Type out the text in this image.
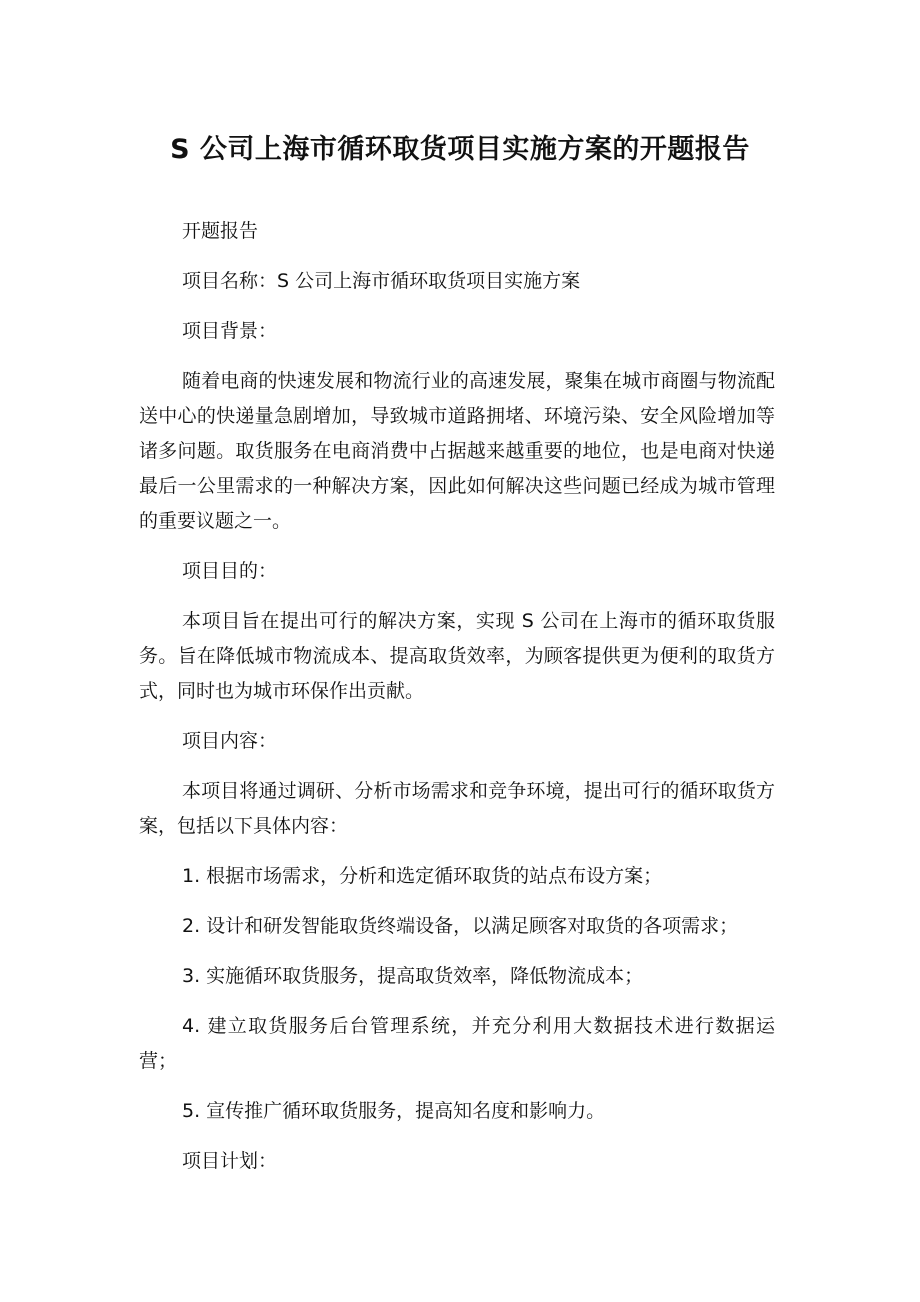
S 公司上海市循环取货项目实施方案的开题报告

开题报告

项目名称：S 公司上海市循环取货项目实施方案

项目背景：

随着电商的快速发展和物流行业的高速发展，聚集在城市商圈与物流配送中心的快递量急剧增加，导致城市道路拥堵、环境污染、安全风险增加等诸多问题。取货服务在电商消费中占据越来越重要的地位，也是电商对快递最后一公里需求的一种解决方案，因此如何解决这些问题已经成为城市管理的重要议题之一。

项目目的：

本项目旨在提出可行的解决方案，实现 S 公司在上海市的循环取货服务。旨在降低城市物流成本、提高取货效率，为顾客提供更为便利的取货方式，同时也为城市环保作出贡献。

项目内容：

本项目将通过调研、分析市场需求和竞争环境，提出可行的循环取货方案，包括以下具体内容：

1. 根据市场需求，分析和选定循环取货的站点布设方案；

2. 设计和研发智能取货终端设备，以满足顾客对取货的各项需求；

3. 实施循环取货服务，提高取货效率，降低物流成本；

4. 建立取货服务后台管理系统，并充分利用大数据技术进行数据运营；

5. 宣传推广循环取货服务，提高知名度和影响力。

项目计划：
